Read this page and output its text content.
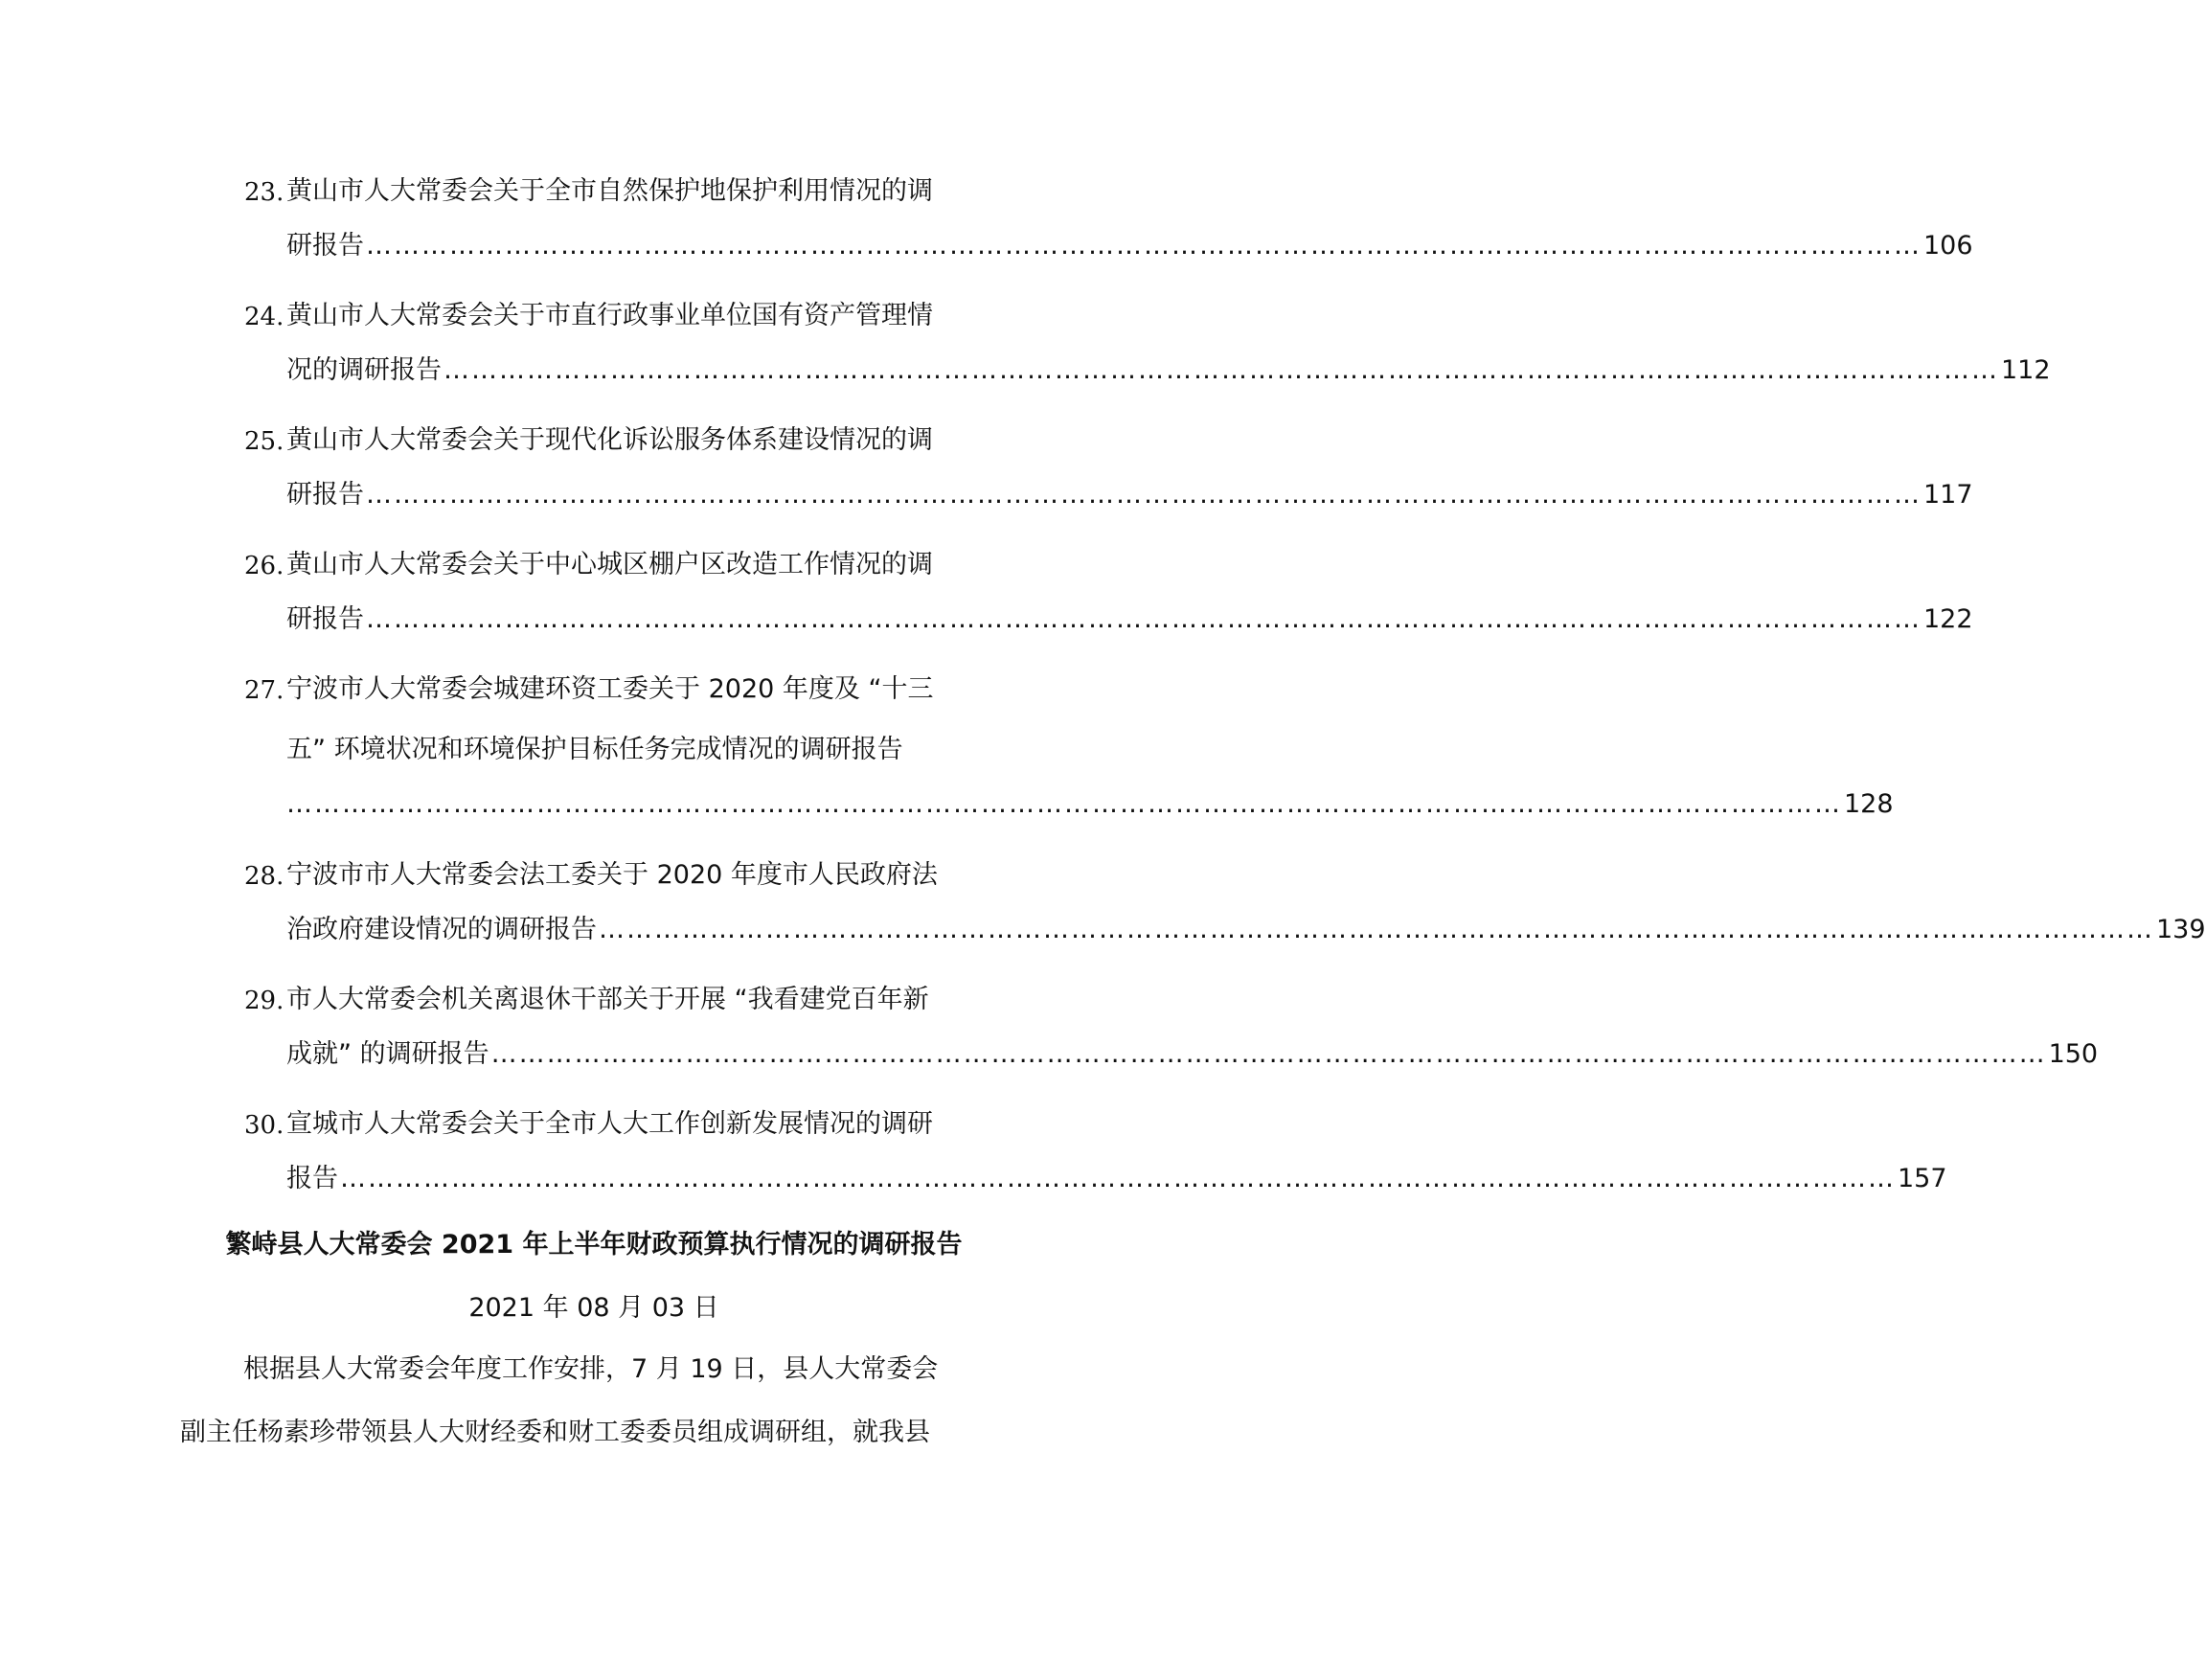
23. 黄山市人大常委会关于全市自然保护地保护利用情况的调
研报告 …………………………………………………………………………………………………………………………………………………… 106
24. 黄山市人大常委会关于市直行政事业单位国有资产管理情
况的调研报告 …………………………………………………………………………………………………………………………………………………… 112
25. 黄山市人大常委会关于现代化诉讼服务体系建设情况的调
研报告 …………………………………………………………………………………………………………………………………………………… 117
26. 黄山市人大常委会关于中心城区棚户区改造工作情况的调
研报告 …………………………………………………………………………………………………………………………………………………… 122
27. 宁波市人大常委会城建环资工委关于 2020 年度及 “十三
五” 环境状况和环境保护目标任务完成情况的调研报告
…………………………………………………………………………………………………………………………………………………… 128
28. 宁波市市人大常委会法工委关于 2020 年度市人民政府法
治政府建设情况的调研报告 …………………………………………………………………………………………………………………………………………………… 139
29. 市人大常委会机关离退休干部关于开展 “我看建党百年新
成就” 的调研报告 …………………………………………………………………………………………………………………………………………………… 150
30. 宣城市人大常委会关于全市人大工作创新发展情况的调研
报告 …………………………………………………………………………………………………………………………………………………… 157
繁峙县人大常委会 2021 年上半年财政预算执行情况的调研报告
2021 年 08 月 03 日
根据县人大常委会年度工作安排，7 月 19 日，县人大常委会
副主任杨素珍带领县人大财经委和财工委委员组成调研组，就我县
